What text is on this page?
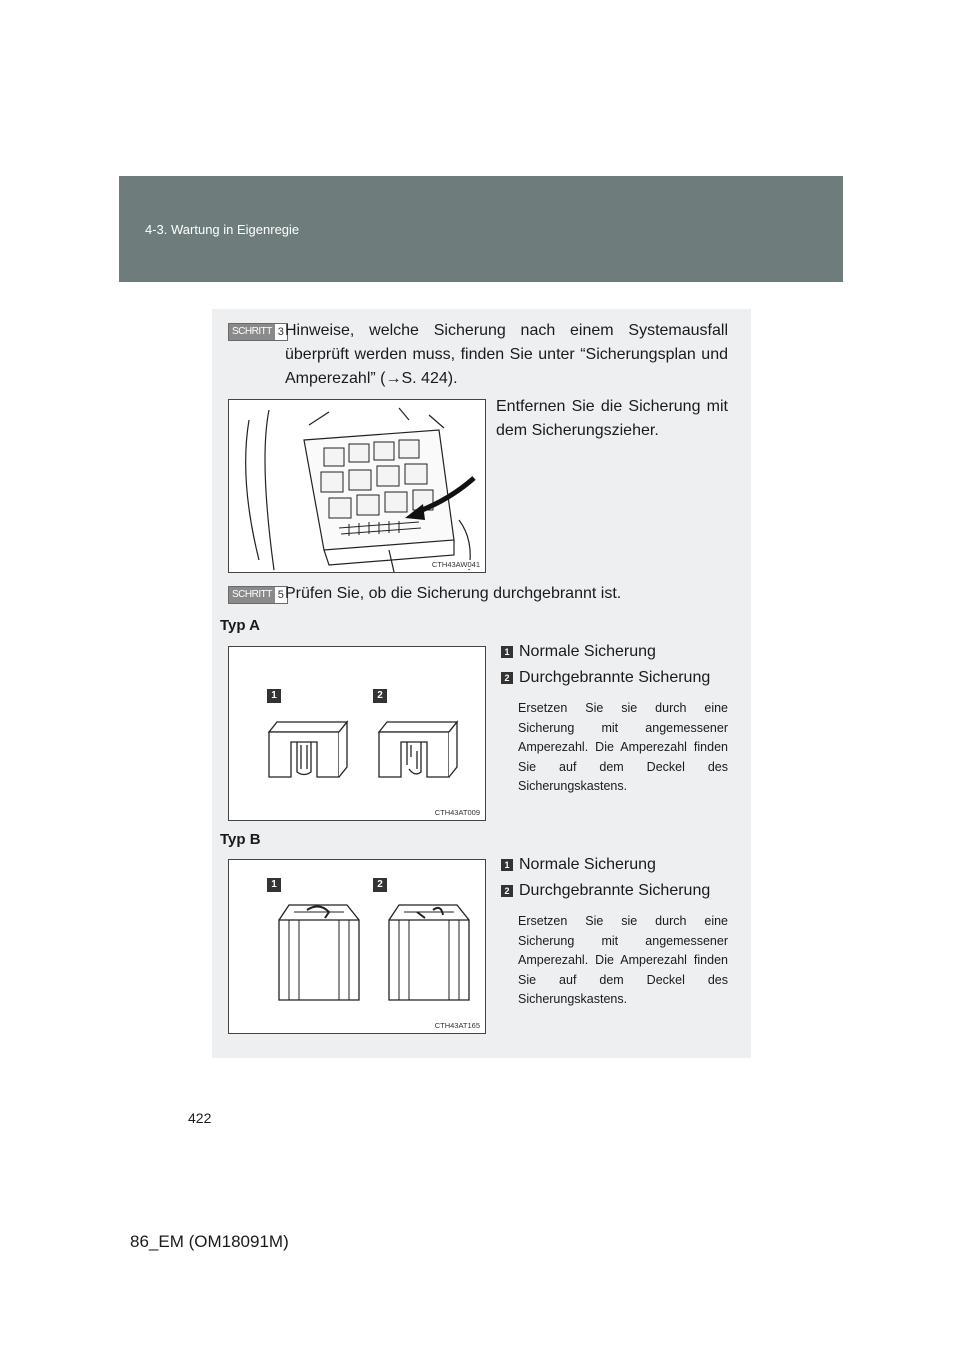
4-3. Wartung in Eigenregie
SCHRITT 3 Hinweise, welche Sicherung nach einem Systemausfall überprüft werden muss, finden Sie unter “Sicherungsplan und Amperezahl” (→S. 424).
CTH43AW041
Entfernen Sie die Sicherung mit dem Sicherungszieher.
SCHRITT 5 Prüfen Sie, ob die Sicherung durchgebrannt ist.
Typ A
1	2
CTH43AT009
1 Normale Sicherung
2 Durchgebrannte Sicherung
Ersetzen Sie sie durch eine Sicherung mit angemessener Amperezahl. Die Amperezahl finden Sie auf dem Deckel des Sicherungskastens.
Typ B
1	2
CTH43AT165
1 Normale Sicherung
2 Durchgebrannte Sicherung
Ersetzen Sie sie durch eine Sicherung mit angemessener Amperezahl. Die Amperezahl finden Sie auf dem Deckel des Sicherungskastens.
422
86_EM (OM18091M)
